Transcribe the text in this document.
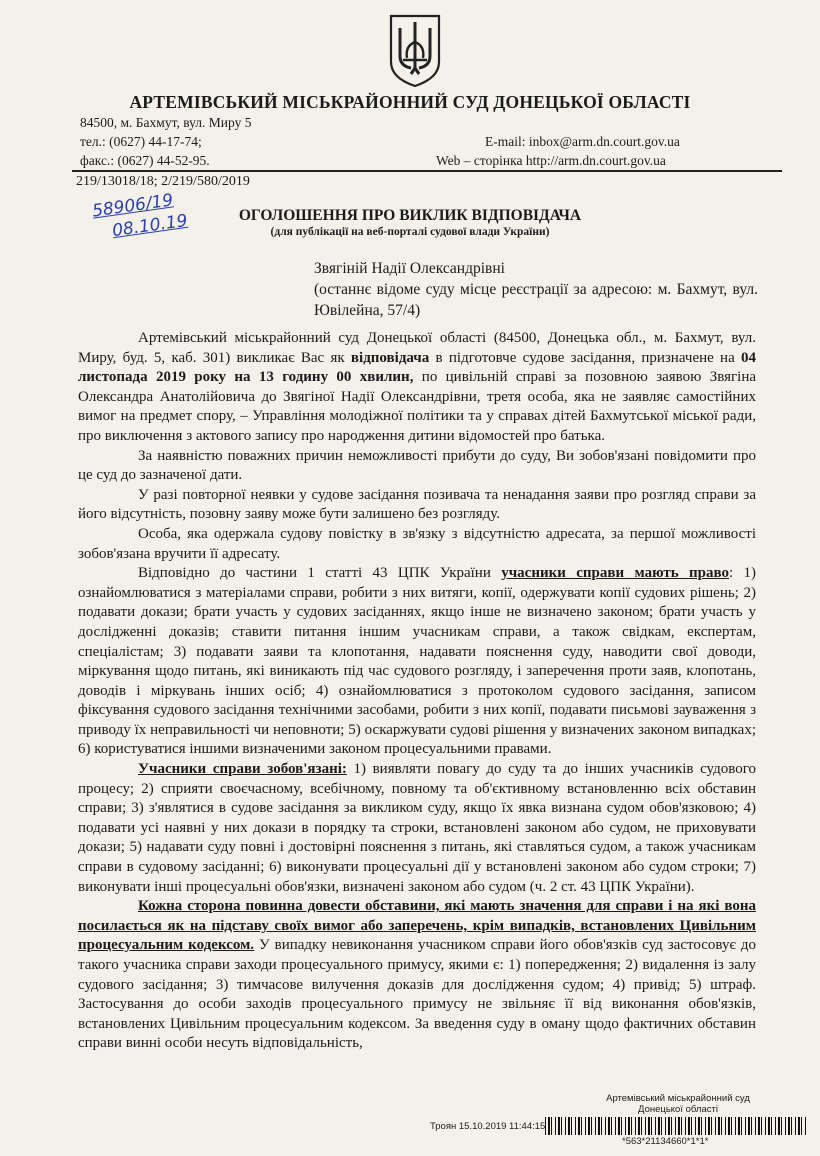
АРТЕМІВСЬКИЙ МІСЬКРАЙОННИЙ СУД ДОНЕЦЬКОЇ ОБЛАСТІ
84500, м. Бахмут, вул. Миру 5
тел.: (0627) 44-17-74;
факс.: (0627) 44-52-95.
E-mail: inbox@arm.dn.court.gov.ua
Web – сторінка http://arm.dn.court.gov.ua
219/13018/18; 2/219/580/2019
58906/19
08.10.19	ОГОЛОШЕННЯ ПРО ВИКЛИК ВІДПОВІДАЧА
(для публікації на веб-порталі судової влади України)
Звягіній Надії Олександрівні
(останнє відоме суду місце реєстрації за адресою: м. Бахмут, вул. Ювілейна, 57/4)

Артемівський міськрайонний суд Донецької області (84500, Донецька обл., м. Бахмут, вул. Миру, буд. 5, каб. 301) викликає Вас як відповідача в підготовче судове засідання, призначене на 04 листопада 2019 року на 13 годину 00 хвилин, по цивільній справі за позовною заявою Звягіна Олександра Анатолійовича до Звягіної Надії Олександрівни, третя особа, яка не заявляє самостійних вимог на предмет спору, – Управління молодіжної політики та у справах дітей Бахмутської міської ради, про виключення з актового запису про народження дитини відомостей про батька.

За наявністю поважних причин неможливості прибути до суду, Ви зобов'язані повідомити про це суд до зазначеної дати.

У разі повторної неявки у судове засідання позивача та ненадання заяви про розгляд справи за його відсутність, позовну заяву може бути залишено без розгляду.

Особа, яка одержала судову повістку в зв'язку з відсутністю адресата, за першої можливості зобов'язана вручити її адресату.

Відповідно до частини 1 статті 43 ЦПК України учасники справи мають право: 1) ознайомлюватися з матеріалами справи, робити з них витяги, копії, одержувати копії судових рішень; 2) подавати докази; брати участь у судових засіданнях, якщо інше не визначено законом; брати участь у дослідженні доказів; ставити питання іншим учасникам справи, а також свідкам, експертам, спеціалістам; 3) подавати заяви та клопотання, надавати пояснення суду, наводити свої доводи, міркування щодо питань, які виникають під час судового розгляду, і заперечення проти заяв, клопотань, доводів і міркувань інших осіб; 4) ознайомлюватися з протоколом судового засідання, записом фіксування судового засідання технічними засобами, робити з них копії, подавати письмові зауваження з приводу їх неправильності чи неповноти; 5) оскаржувати судові рішення у визначених законом випадках; 6) користуватися іншими визначеними законом процесуальними правами.

Учасники справи зобов'язані: 1) виявляти повагу до суду та до інших учасників судового процесу; 2) сприяти своєчасному, всебічному, повному та об'єктивному встановленню всіх обставин справи; 3) з'являтися в судове засідання за викликом суду, якщо їх явка визнана судом обов'язковою; 4) подавати усі наявні у них докази в порядку та строки, встановлені законом або судом, не приховувати докази; 5) надавати суду повні і достовірні пояснення з питань, які ставляться судом, а також учасникам справи в судовому засіданні; 6) виконувати процесуальні дії у встановлені законом або судом строки; 7) виконувати інші процесуальні обов'язки, визначені законом або судом (ч. 2 ст. 43 ЦПК України).

Кожна сторона повинна довести обставини, які мають значення для справи і на які вона посилається як на підставу своїх вимог або заперечень, крім випадків, встановлених Цивільним процесуальним кодексом. У випадку невиконання учасником справи його обов'язків суд застосовує до такого учасника справи заходи процесуального примусу, якими є: 1) попередження; 2) видалення із залу судового засідання; 3) тимчасове вилучення доказів для дослідження судом; 4) привід; 5) штраф. Застосування до особи заходів процесуального примусу не звільняє її від виконання обов'язків, встановлених Цивільним процесуальним кодексом. За введення суду в оману щодо фактичних обставин справи винні особи несуть відповідальність,

Артемівський міськрайонний суд
Донецької області
Троян 15.10.2019 11:44:15
*563*21134660*1*1*
